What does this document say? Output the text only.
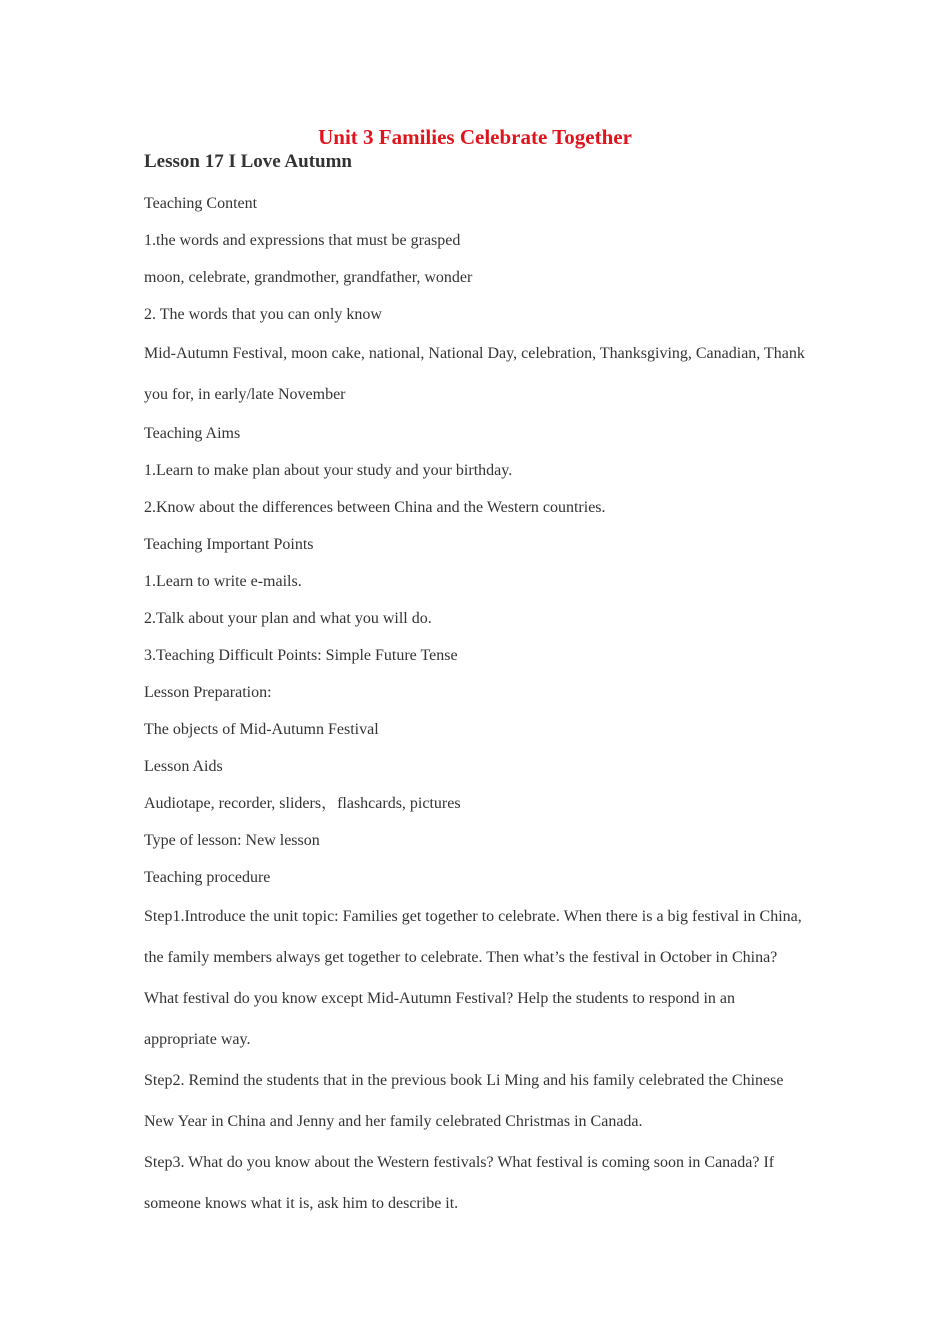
Unit 3 Families Celebrate Together
Lesson 17 I Love Autumn

Teaching Content

1.the words and expressions that must be grasped

moon, celebrate, grandmother, grandfather, wonder

2. The words that you can only know

Mid-Autumn Festival, moon cake, national, National Day, celebration, Thanksgiving, Canadian, Thank you for, in early/late November

Teaching Aims

1.Learn to make plan about your study and your birthday.

2.Know about the differences between China and the Western countries.

Teaching Important Points

1.Learn to write e-mails.

2.Talk about your plan and what you will do.

3.Teaching Difficult Points: Simple Future Tense

Lesson Preparation:

The objects of Mid-Autumn Festival

Lesson Aids

Audiotape, recorder, sliders，flashcards, pictures

Type of lesson: New lesson

Teaching procedure

Step1.Introduce the unit topic: Families get together to celebrate. When there is a big festival in China, the family members always get together to celebrate. Then what’s the festival in October in China? What festival do you know except Mid-Autumn Festival? Help the students to respond in an appropriate way.

Step2. Remind the students that in the previous book Li Ming and his family celebrated the Chinese New Year in China and Jenny and her family celebrated Christmas in Canada.

Step3. What do you know about the Western festivals? What festival is coming soon in Canada? If someone knows what it is, ask him to describe it.
